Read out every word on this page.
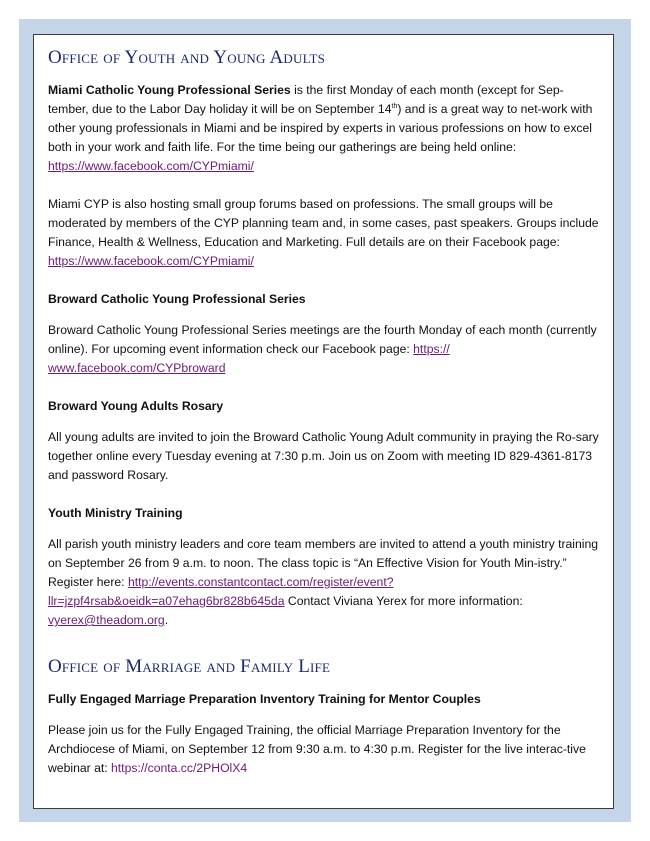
Office of Youth and Young Adults

Miami Catholic Young Professional Series is the first Monday of each month (except for Sep-tember, due to the Labor Day holiday it will be on September 14th) and is a great way to net-work with other young professionals in Miami and be inspired by experts in various professions on how to excel both in your work and faith life. For the time being our gatherings are being held online: https://www.facebook.com/CYPmiami/

Miami CYP is also hosting small group forums based on professions. The small groups will be moderated by members of the CYP planning team and, in some cases, past speakers. Groups include Finance, Health & Wellness, Education and Marketing. Full details are on their Facebook page: https://www.facebook.com/CYPmiami/

Broward Catholic Young Professional Series

Broward Catholic Young Professional Series meetings are the fourth Monday of each month (currently online). For upcoming event information check our Facebook page: https://​www.facebook.com/CYPbroward

Broward Young Adults Rosary

All young adults are invited to join the Broward Catholic Young Adult community in praying the Ro-sary together online every Tuesday evening at 7:30 p.m. Join us on Zoom with meeting ID 829-4361-8173 and password Rosary.

Youth Ministry Training

All parish youth ministry leaders and core team members are invited to attend a youth ministry training on September 26 from 9 a.m. to noon. The class topic is “An Effective Vision for Youth Min-istry.” Register here: http://events.constantcontact.com/register/event?​llr=jzpf4rsab&oeidk=a07ehag6br828b645da Contact Viviana Yerex for more information: vyerex@theadom.org.

Office of Marriage and Family Life
Fully Engaged Marriage Preparation Inventory Training for Mentor Couples

Please join us for the Fully Engaged Training, the official Marriage Preparation Inventory for the Archdiocese of Miami, on September 12 from 9:30 a.m. to 4:30 p.m. Register for the live interac-tive webinar at: https://conta.cc/2PHOlX4
